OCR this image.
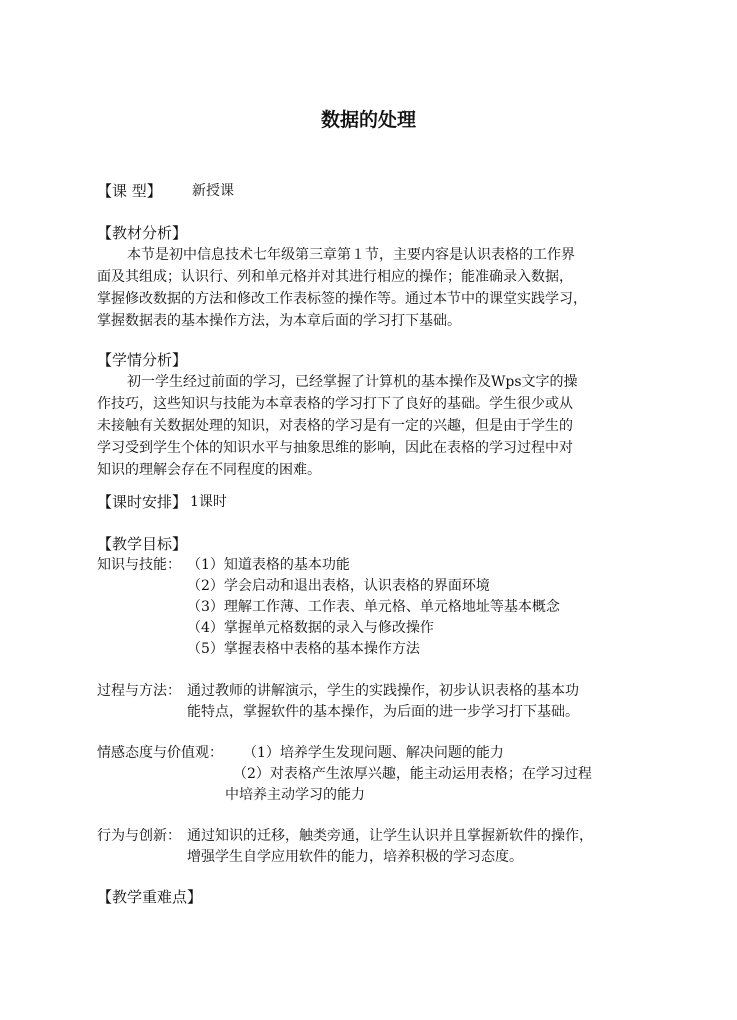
数据的处理
【课 型】 新授课
【教材分析】
本节是初中信息技术七年级第三章第１节，主要内容是认识表格的工作界
面及其组成；认识行、列和单元格并对其进行相应的操作；能准确录入数据，
掌握修改数据的方法和修改工作表标签的操作等。通过本节中的课堂实践学习，
掌握数据表的基本操作方法，为本章后面的学习打下基础。
【学情分析】
初一学生经过前面的学习，已经掌握了计算机的基本操作及Wps文字的操
作技巧，这些知识与技能为本章表格的学习打下了良好的基础。学生很少或从
未接触有关数据处理的知识，对表格的学习是有一定的兴趣，但是由于学生的
学习受到学生个体的知识水平与抽象思维的影响，因此在表格的学习过程中对
知识的理解会存在不同程度的困难。
【课时安排】 1课时
【教学目标】
知识与技能： （1）知道表格的基本功能
（2）学会启动和退出表格，认识表格的界面环境
（3）理解工作薄、工作表、单元格、单元格地址等基本概念
（4）掌握单元格数据的录入与修改操作
（5）掌握表格中表格的基本操作方法
过程与方法： 通过教师的讲解演示，学生的实践操作，初步认识表格的基本功
能特点，掌握软件的基本操作，为后面的进一步学习打下基础。
情感态度与价值观： （1）培养学生发现问题、解决问题的能力
（2）对表格产生浓厚兴趣，能主动运用表格；在学习过程
中培养主动学习的能力
行为与创新： 通过知识的迁移，触类旁通，让学生认识并且掌握新软件的操作，
增强学生自学应用软件的能力，培养积极的学习态度。
【教学重难点】
